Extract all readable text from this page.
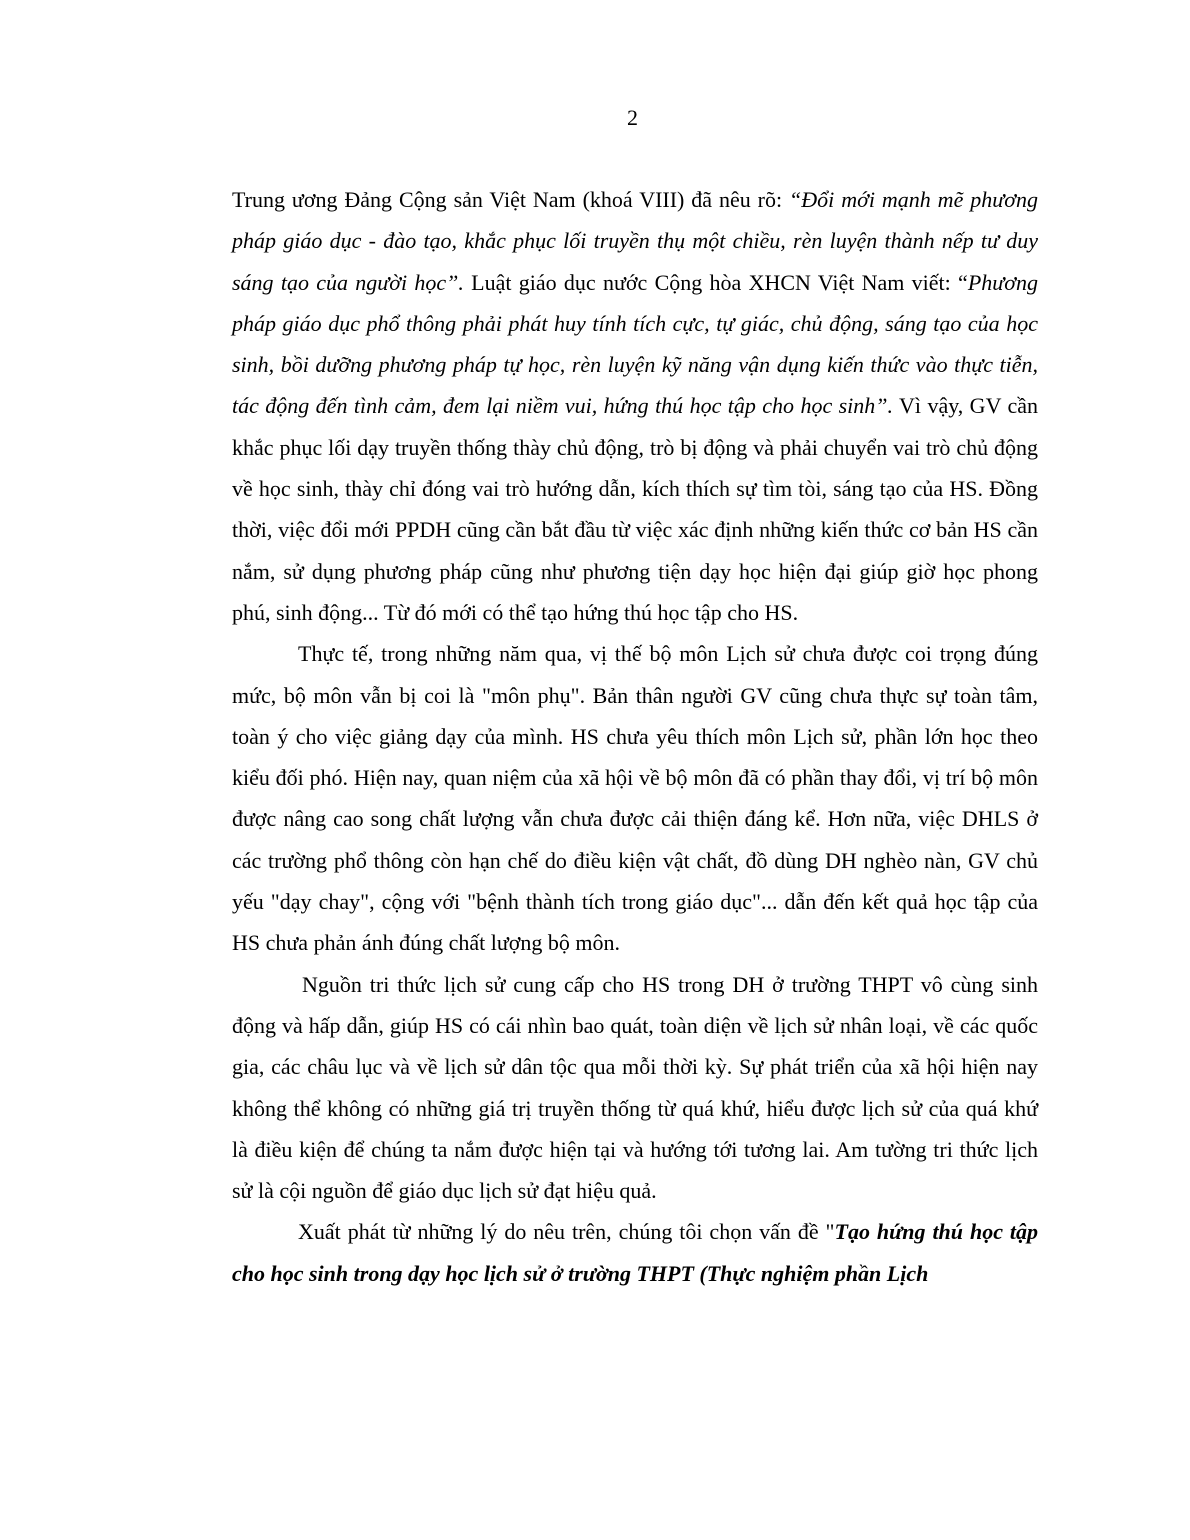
2

Trung ương Đảng Cộng sản Việt Nam (khoá VIII) đã nêu rõ: “Đổi mới mạnh mẽ phương pháp giáo dục - đào tạo, khắc phục lối truyền thụ một chiều, rèn luyện thành nếp tư duy sáng tạo của người học”. Luật giáo dục nước Cộng hòa XHCN Việt Nam viết: “Phương pháp giáo dục phổ thông phải phát huy tính tích cực, tự giác, chủ động, sáng tạo của học sinh, bồi dưỡng phương pháp tự học, rèn luyện kỹ năng vận dụng kiến thức vào thực tiễn, tác động đến tình cảm, đem lại niềm vui, hứng thú học tập cho học sinh”. Vì vậy, GV cần khắc phục lối dạy truyền thống thày chủ động, trò bị động và phải chuyển vai trò chủ động về học sinh, thày chỉ đóng vai trò hướng dẫn, kích thích sự tìm tòi, sáng tạo của HS. Đồng thời, việc đổi mới PPDH cũng cần bắt đầu từ việc xác định những kiến thức cơ bản HS cần nắm, sử dụng phương pháp cũng như phương tiện dạy học hiện đại giúp giờ học phong phú, sinh động... Từ đó mới có thể tạo hứng thú học tập cho HS.

Thực tế, trong những năm qua, vị thế bộ môn Lịch sử chưa được coi trọng đúng mức, bộ môn vẫn bị coi là "môn phụ". Bản thân người GV cũng chưa thực sự toàn tâm, toàn ý cho việc giảng dạy của mình. HS chưa yêu thích môn Lịch sử, phần lớn học theo kiểu đối phó. Hiện nay, quan niệm của xã hội về bộ môn đã có phần thay đổi, vị trí bộ môn được nâng cao song chất lượng vẫn chưa được cải thiện đáng kể. Hơn nữa, việc DHLS ở các trường phổ thông còn hạn chế do điều kiện vật chất, đồ dùng DH nghèo nàn, GV chủ yếu "dạy chay", cộng với "bệnh thành tích trong giáo dục"... dẫn đến kết quả học tập của HS chưa phản ánh đúng chất lượng bộ môn.

Nguồn tri thức lịch sử cung cấp cho HS trong DH ở trường THPT vô cùng sinh động và hấp dẫn, giúp HS có cái nhìn bao quát, toàn diện về lịch sử nhân loại, về các quốc gia, các châu lục và về lịch sử dân tộc qua mỗi thời kỳ. Sự phát triển của xã hội hiện nay không thể không có những giá trị truyền thống từ quá khứ, hiểu được lịch sử của quá khứ là điều kiện để chúng ta nắm được hiện tại và hướng tới tương lai. Am tường tri thức lịch sử là cội nguồn để giáo dục lịch sử đạt hiệu quả.

Xuất phát từ những lý do nêu trên, chúng tôi chọn vấn đề "Tạo hứng thú học tập cho học sinh trong dạy học lịch sử ở trường THPT (Thực nghiệm phần Lịch
